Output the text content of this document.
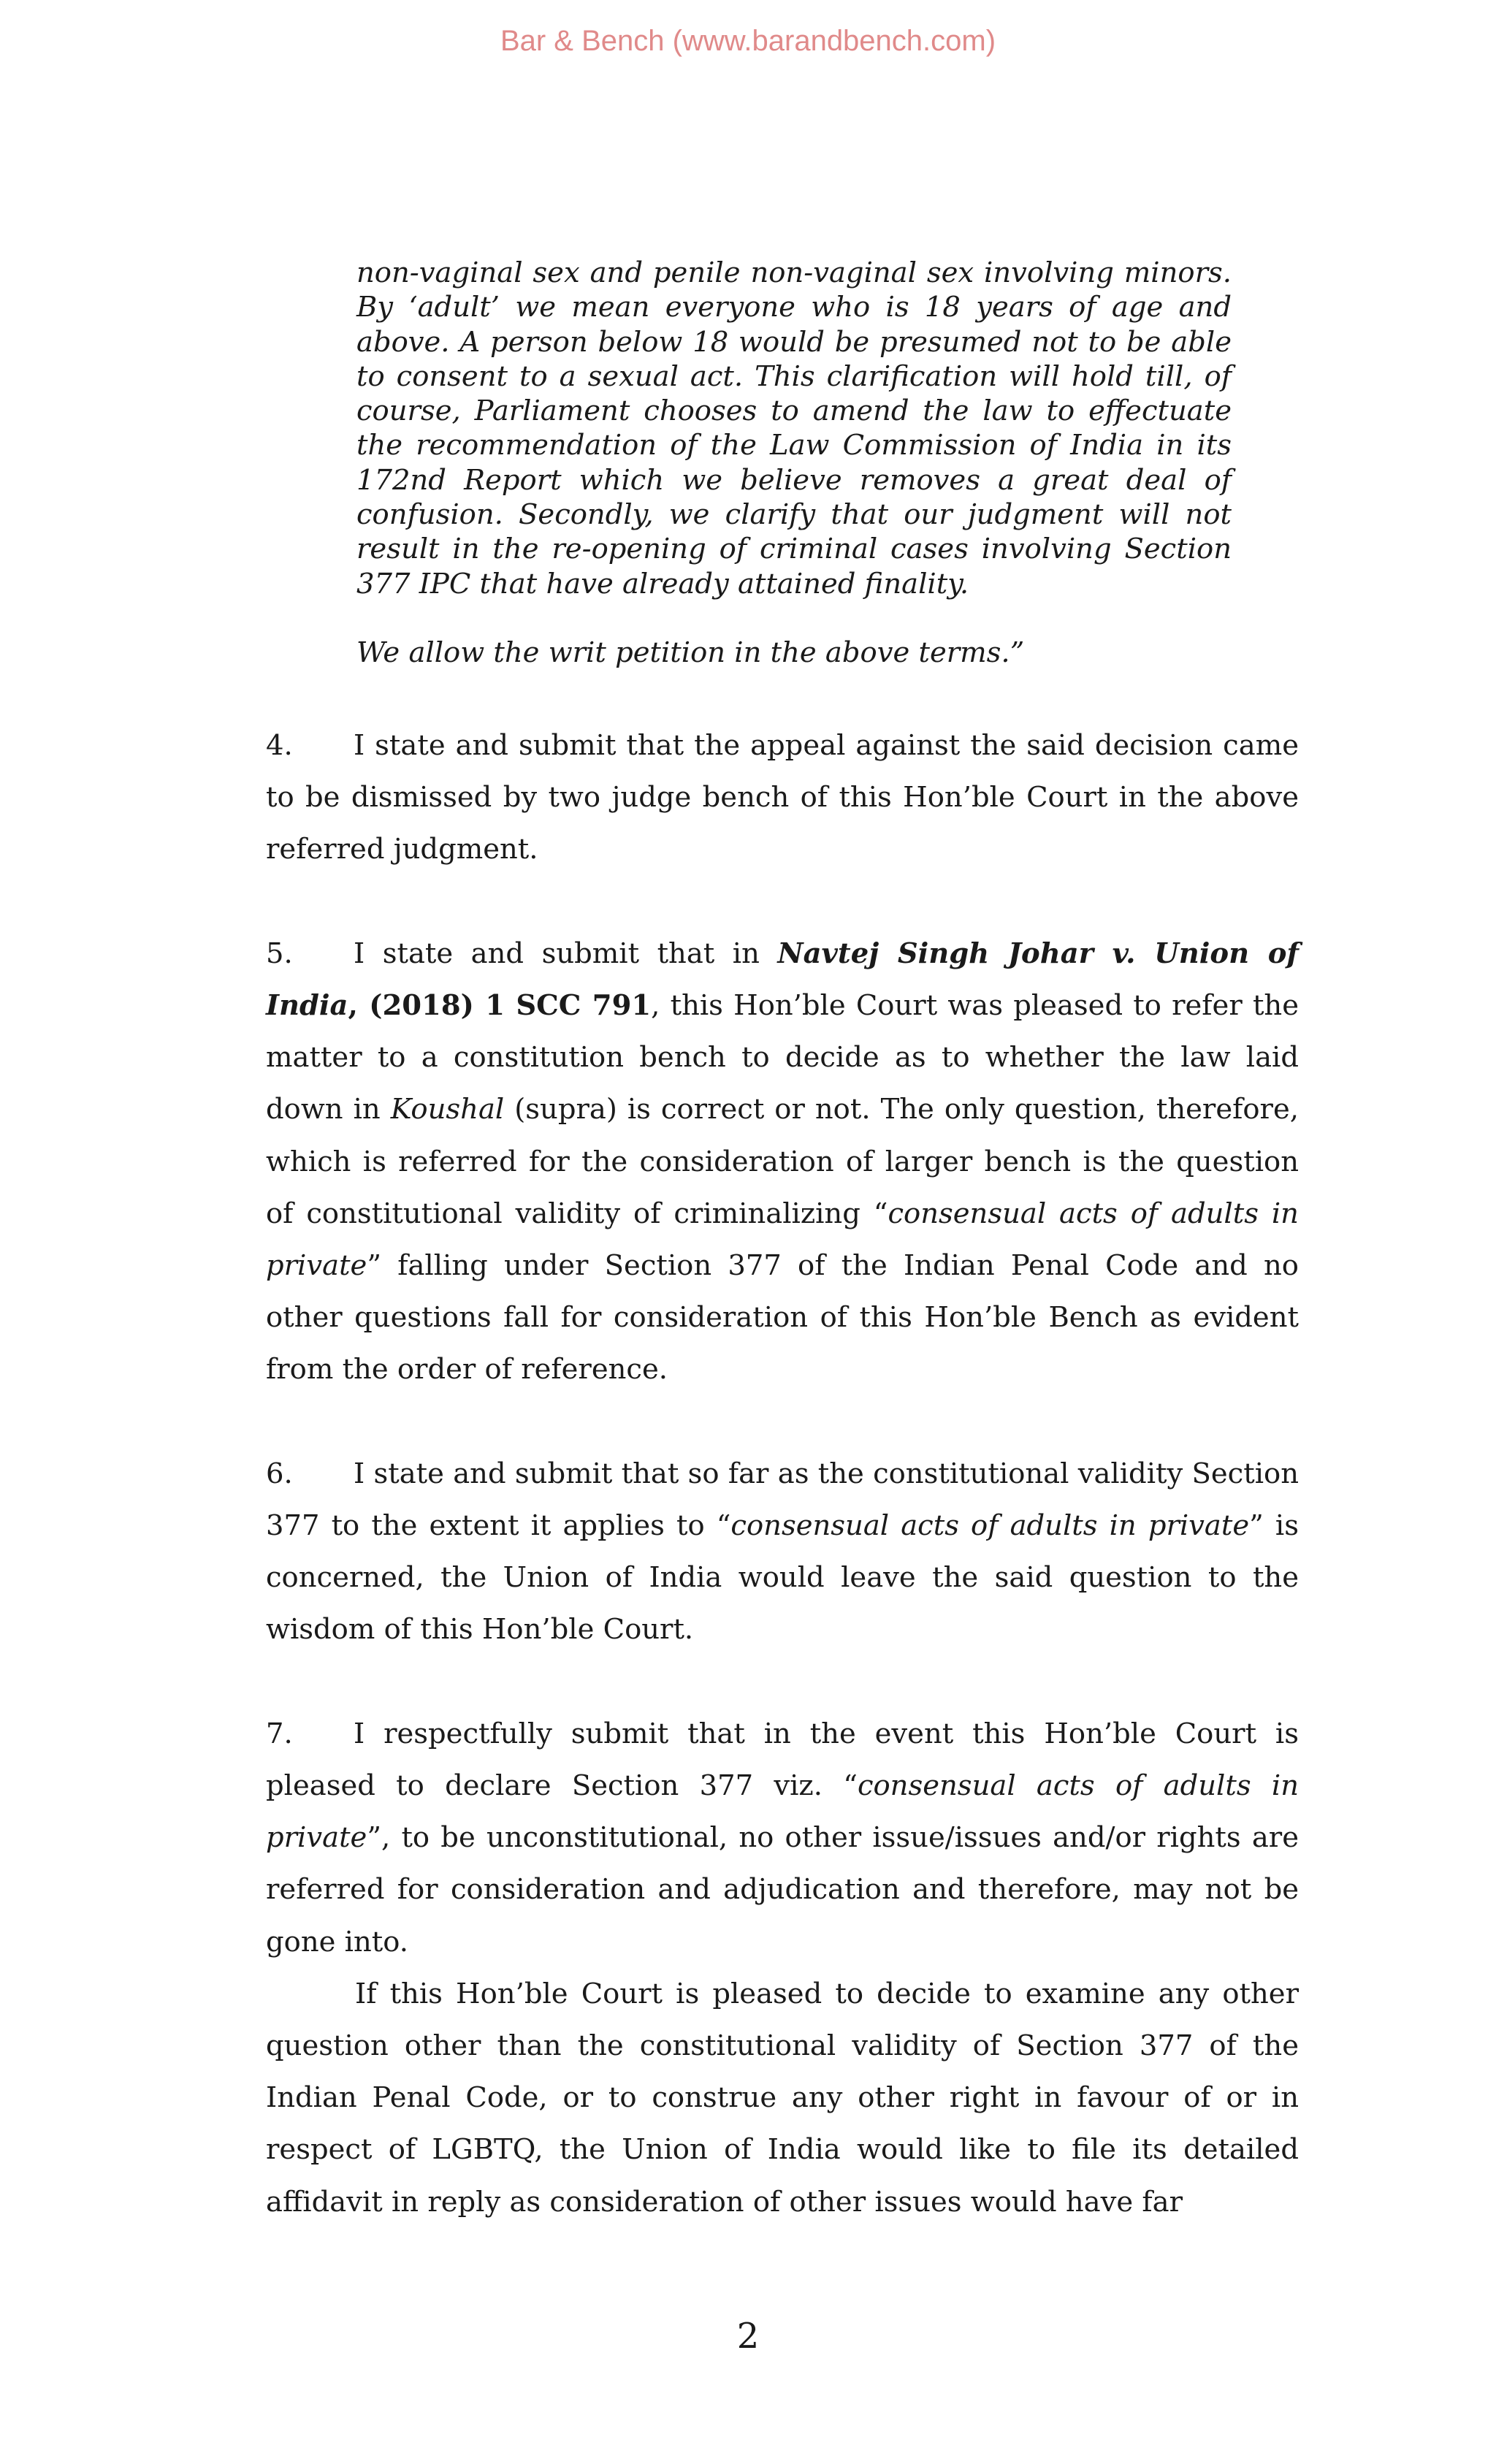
Bar & Bench (www.barandbench.com)

non-vaginal sex and penile non-vaginal sex involving minors. By ‘adult’ we mean everyone who is 18 years of age and above. A person below 18 would be presumed not to be able to consent to a sexual act. This clarification will hold till, of course, Parliament chooses to amend the law to effectuate the recommendation of the Law Commission of India in its 172nd Report which we believe removes a great deal of confusion. Secondly, we clarify that our judgment will not result in the re-opening of criminal cases involving Section 377 IPC that have already attained finality.

We allow the writ petition in the above terms.”

4. I state and submit that the appeal against the said decision came to be dismissed by two judge bench of this Hon’ble Court in the above referred judgment.

5. I state and submit that in Navtej Singh Johar v. Union of India, (2018) 1 SCC 791, this Hon’ble Court was pleased to refer the matter to a constitution bench to decide as to whether the law laid down in Koushal (supra) is correct or not. The only question, therefore, which is referred for the consideration of larger bench is the question of constitutional validity of criminalizing “consensual acts of adults in private” falling under Section 377 of the Indian Penal Code and no other questions fall for consideration of this Hon’ble Bench as evident from the order of reference.

6. I state and submit that so far as the constitutional validity Section 377 to the extent it applies to “consensual acts of adults in private” is concerned, the Union of India would leave the said question to the wisdom of this Hon’ble Court.

7. I respectfully submit that in the event this Hon’ble Court is pleased to declare Section 377 viz. “consensual acts of adults in private”, to be unconstitutional, no other issue/issues and/or rights are referred for consideration and adjudication and therefore, may not be gone into.

If this Hon’ble Court is pleased to decide to examine any other question other than the constitutional validity of Section 377 of the Indian Penal Code, or to construe any other right in favour of or in respect of LGBTQ, the Union of India would like to file its detailed affidavit in reply as consideration of other issues would have far

2
